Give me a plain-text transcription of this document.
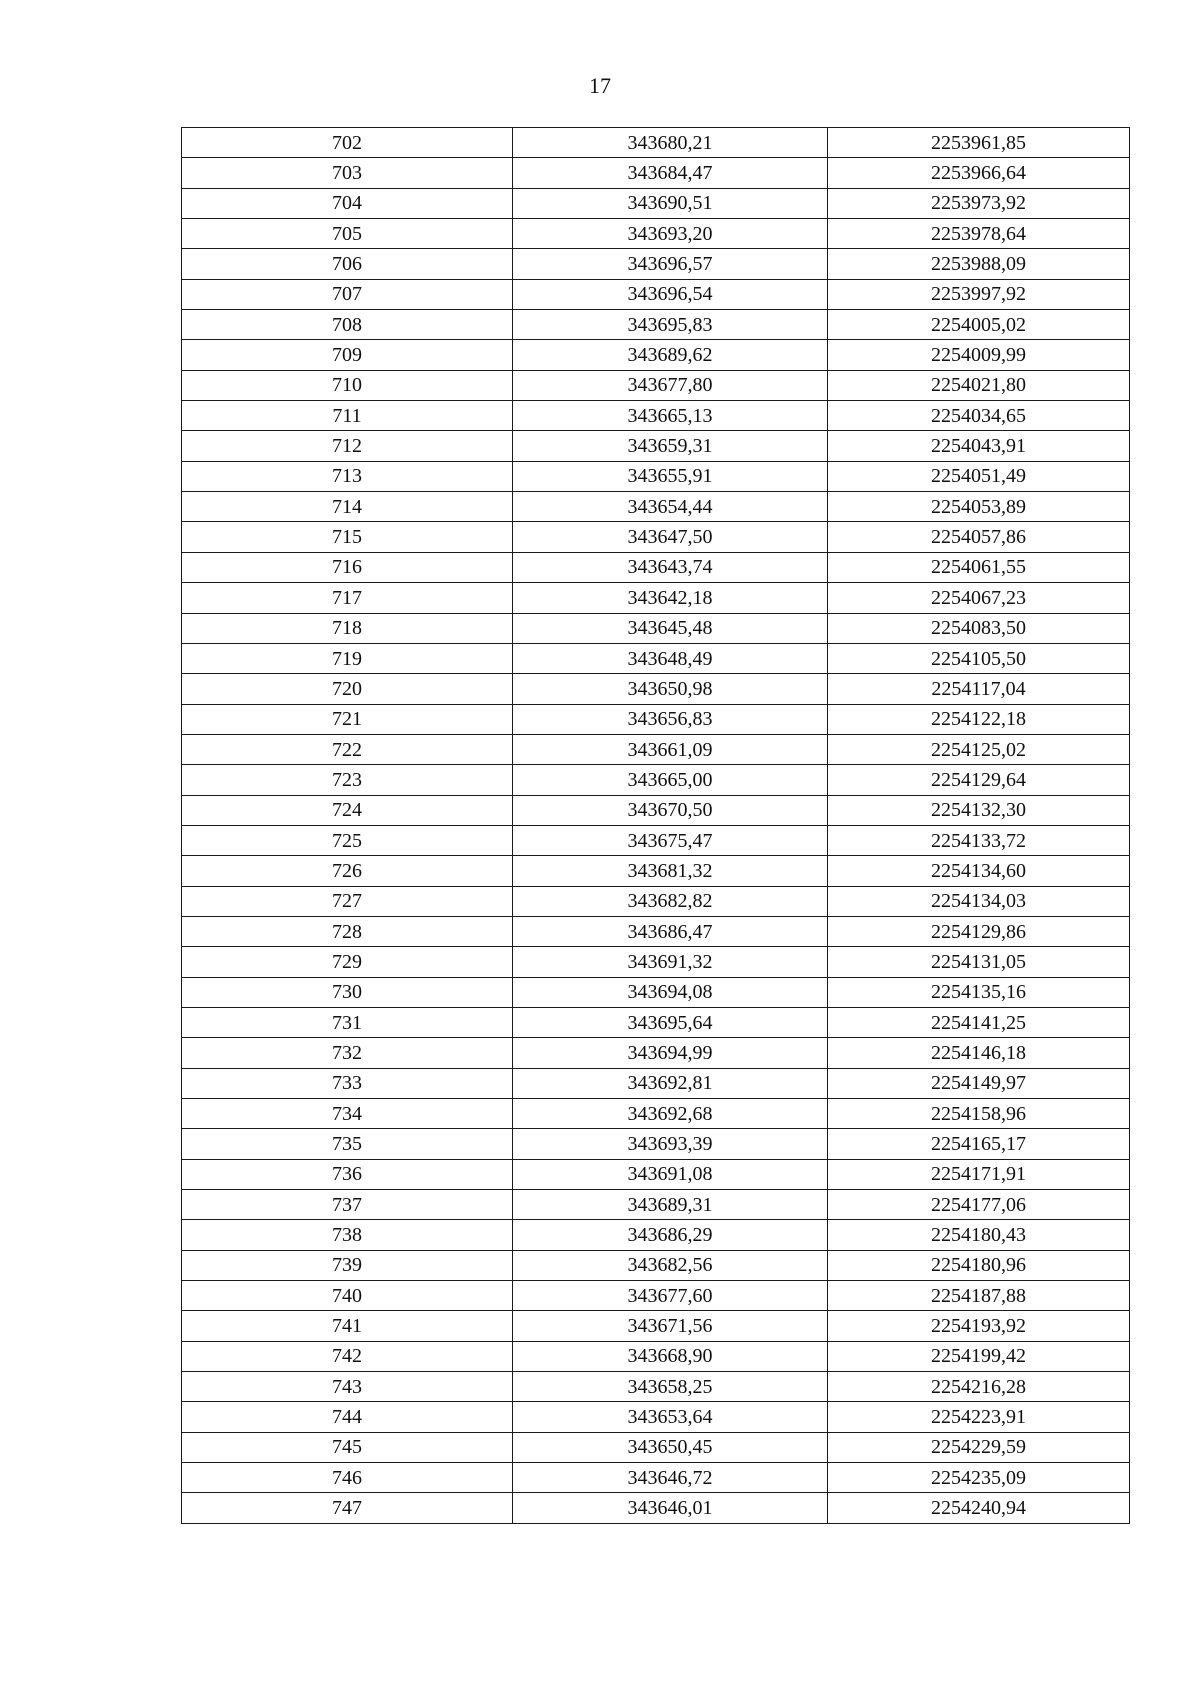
17
702	343680,21	2253961,85
703	343684,47	2253966,64
704	343690,51	2253973,92
705	343693,20	2253978,64
706	343696,57	2253988,09
707	343696,54	2253997,92
708	343695,83	2254005,02
709	343689,62	2254009,99
710	343677,80	2254021,80
711	343665,13	2254034,65
712	343659,31	2254043,91
713	343655,91	2254051,49
714	343654,44	2254053,89
715	343647,50	2254057,86
716	343643,74	2254061,55
717	343642,18	2254067,23
718	343645,48	2254083,50
719	343648,49	2254105,50
720	343650,98	2254117,04
721	343656,83	2254122,18
722	343661,09	2254125,02
723	343665,00	2254129,64
724	343670,50	2254132,30
725	343675,47	2254133,72
726	343681,32	2254134,60
727	343682,82	2254134,03
728	343686,47	2254129,86
729	343691,32	2254131,05
730	343694,08	2254135,16
731	343695,64	2254141,25
732	343694,99	2254146,18
733	343692,81	2254149,97
734	343692,68	2254158,96
735	343693,39	2254165,17
736	343691,08	2254171,91
737	343689,31	2254177,06
738	343686,29	2254180,43
739	343682,56	2254180,96
740	343677,60	2254187,88
741	343671,56	2254193,92
742	343668,90	2254199,42
743	343658,25	2254216,28
744	343653,64	2254223,91
745	343650,45	2254229,59
746	343646,72	2254235,09
747	343646,01	2254240,94
